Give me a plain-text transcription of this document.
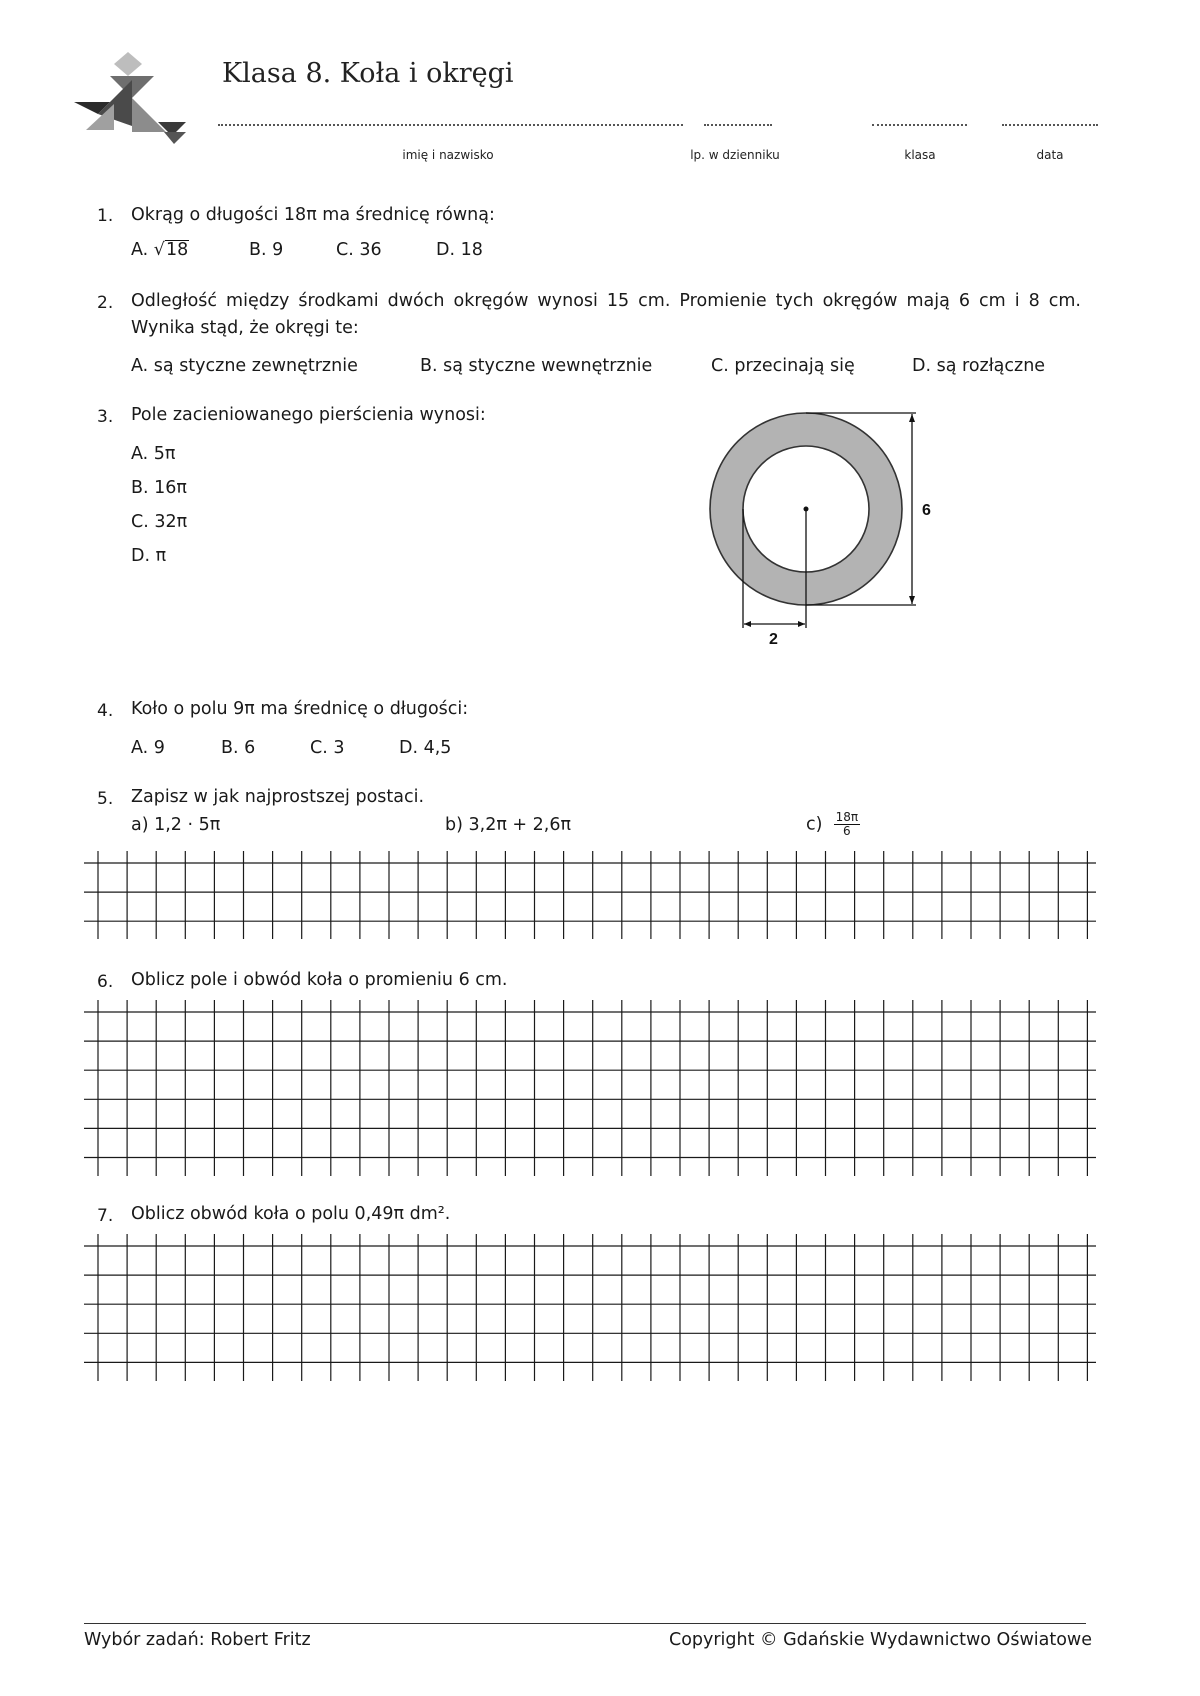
Klasa 8. Koła i okręgi
imię i nazwisko	lp. w dzienniku	klasa	data
1. Okrąg o długości 18π ma średnicę równą:
A. √18	B. 9	C. 36	D. 18
2. Odległość między środkami dwóch okręgów wynosi 15 cm. Promienie tych okręgów mają 6 cm i 8 cm.
Wynika stąd, że okręgi te:
A. są styczne zewnętrznie	B. są styczne wewnętrznie	C. przecinają się	D. są rozłączne
3. Pole zacieniowanego pierścienia wynosi:
A. 5π
B. 16π
C. 32π
D. π
6
2
4. Koło o polu 9π ma średnicę o długości:
A. 9	B. 6	C. 3	D. 4,5
5. Zapisz w jak najprostszej postaci.
a) 1,2 · 5π	b) 3,2π + 2,6π	$c) \frac{18\pi}{6}$
6. Oblicz pole i obwód koła o promieniu 6 cm.
7. Oblicz obwód koła o polu 0,49π dm².
Wybór zadań: Robert Fritz	Copyright © Gdańskie Wydawnictwo Oświatowe
